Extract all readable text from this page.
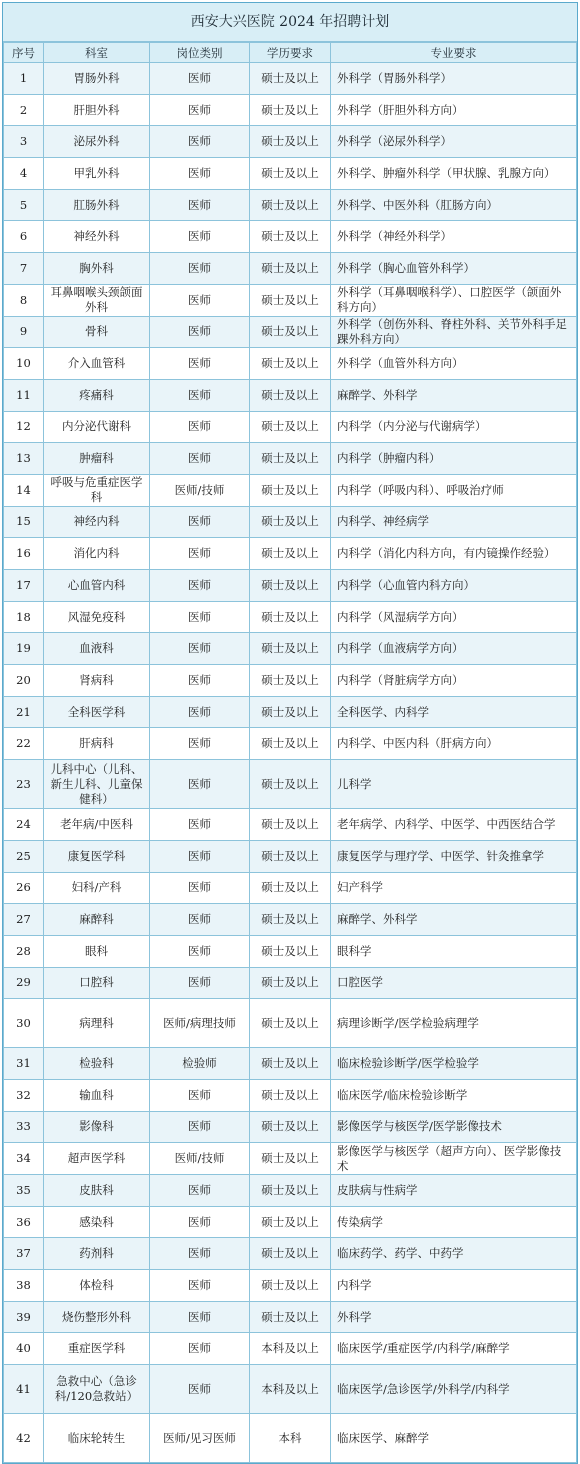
西安大兴医院 2024 年招聘计划
序号	科室	岗位类别	学历要求	专业要求
1	胃肠外科	医师	硕士及以上	外科学（胃肠外科学）
2	肝胆外科	医师	硕士及以上	外科学（肝胆外科方向）
3	泌尿外科	医师	硕士及以上	外科学（泌尿外科学）
4	甲乳外科	医师	硕士及以上	外科学、肿瘤外科学（甲状腺、乳腺方向）
5	肛肠外科	医师	硕士及以上	外科学、中医外科（肛肠方向）
6	神经外科	医师	硕士及以上	外科学（神经外科学）
7	胸外科	医师	硕士及以上	外科学（胸心血管外科学）
8	耳鼻咽喉头颈颌面外科	医师	硕士及以上	外科学（耳鼻咽喉科学）、口腔医学（颌面外科方向）
9	骨科	医师	硕士及以上	外科学（创伤外科、脊柱外科、关节外科手足踝外科方向）
10	介入血管科	医师	硕士及以上	外科学（血管外科方向）
11	疼痛科	医师	硕士及以上	麻醉学、外科学
12	内分泌代谢科	医师	硕士及以上	内科学（内分泌与代谢病学）
13	肿瘤科	医师	硕士及以上	内科学（肿瘤内科）
14	呼吸与危重症医学科	医师/技师	硕士及以上	内科学（呼吸内科）、呼吸治疗师
15	神经内科	医师	硕士及以上	内科学、神经病学
16	消化内科	医师	硕士及以上	内科学（消化内科方向，有内镜操作经验）
17	心血管内科	医师	硕士及以上	内科学（心血管内科方向）
18	风湿免疫科	医师	硕士及以上	内科学（风湿病学方向）
19	血液科	医师	硕士及以上	内科学（血液病学方向）
20	肾病科	医师	硕士及以上	内科学（肾脏病学方向）
21	全科医学科	医师	硕士及以上	全科医学、内科学
22	肝病科	医师	硕士及以上	内科学、中医内科（肝病方向）
23	儿科中心（儿科、新生儿科、儿童保健科）	医师	硕士及以上	儿科学
24	老年病/中医科	医师	硕士及以上	老年病学、内科学、中医学、中西医结合学
25	康复医学科	医师	硕士及以上	康复医学与理疗学、中医学、针灸推拿学
26	妇科/产科	医师	硕士及以上	妇产科学
27	麻醉科	医师	硕士及以上	麻醉学、外科学
28	眼科	医师	硕士及以上	眼科学
29	口腔科	医师	硕士及以上	口腔医学
30	病理科	医师/病理技师	硕士及以上	病理诊断学/医学检验病理学
31	检验科	检验师	硕士及以上	临床检验诊断学/医学检验学
32	输血科	医师	硕士及以上	临床医学/临床检验诊断学
33	影像科	医师	硕士及以上	影像医学与核医学/医学影像技术
34	超声医学科	医师/技师	硕士及以上	影像医学与核医学（超声方向）、医学影像技术
35	皮肤科	医师	硕士及以上	皮肤病与性病学
36	感染科	医师	硕士及以上	传染病学
37	药剂科	医师	硕士及以上	临床药学、药学、中药学
38	体检科	医师	硕士及以上	内科学
39	烧伤整形外科	医师	硕士及以上	外科学
40	重症医学科	医师	本科及以上	临床医学/重症医学/内科学/麻醉学
41	急救中心（急诊科/120急救站）	医师	本科及以上	临床医学/急诊医学/外科学/内科学
42	临床轮转生	医师/见习医师	本科	临床医学、麻醉学
